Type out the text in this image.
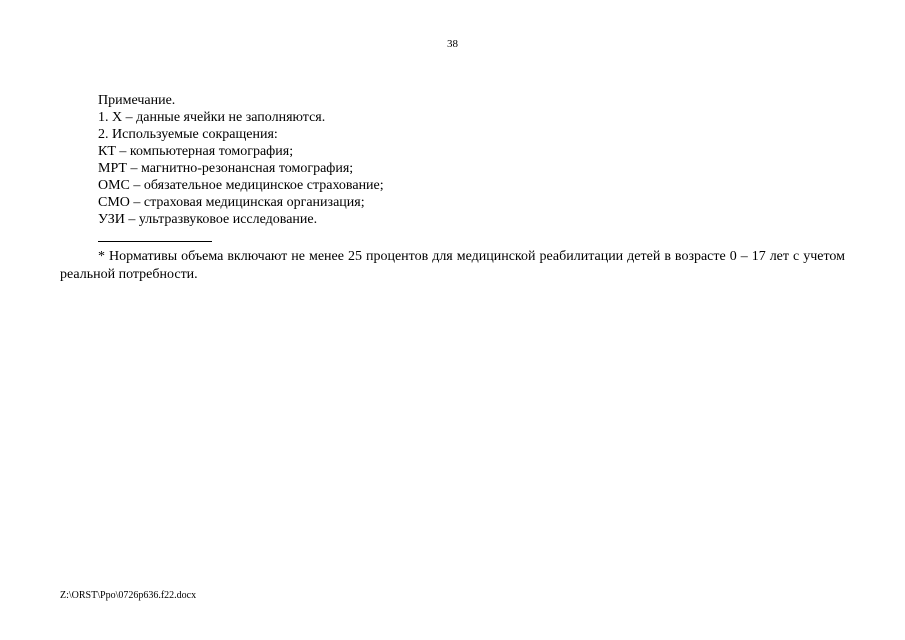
38
Примечание.
1. X – данные ячейки не заполняются.
2. Используемые сокращения:
КТ – компьютерная томография;
МРТ – магнитно-резонансная томография;
ОМС – обязательное медицинское страхование;
СМО – страховая медицинская организация;
УЗИ – ультразвуковое исследование.
* Нормативы объема включают не менее 25 процентов для медицинской реабилитации детей в возрасте 0 – 17 лет с учетом реальной потребности.
Z:\ORST\Ppo\0726p636.f22.docx
